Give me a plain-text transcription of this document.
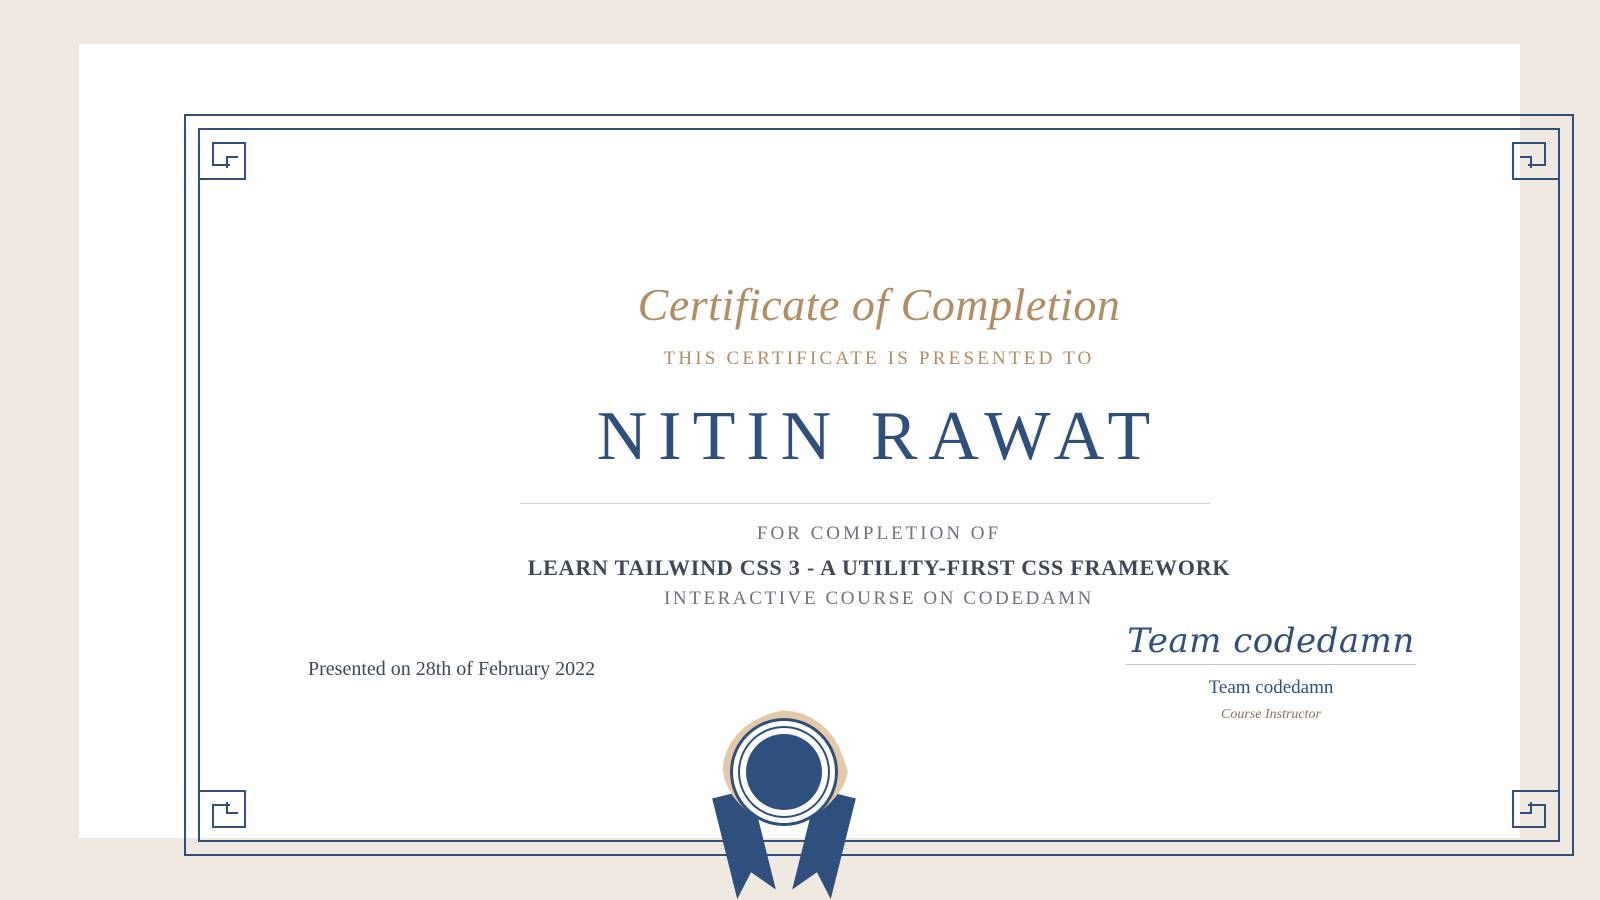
Certificate of Completion
THIS CERTIFICATE IS PRESENTED TO
NITIN RAWAT
FOR COMPLETION OF
LEARN TAILWIND CSS 3 - A UTILITY-FIRST CSS FRAMEWORK
INTERACTIVE COURSE ON CODEDAMN
Presented on 28th of February 2022
Team codedamn
Team codedamn
Course Instructor
